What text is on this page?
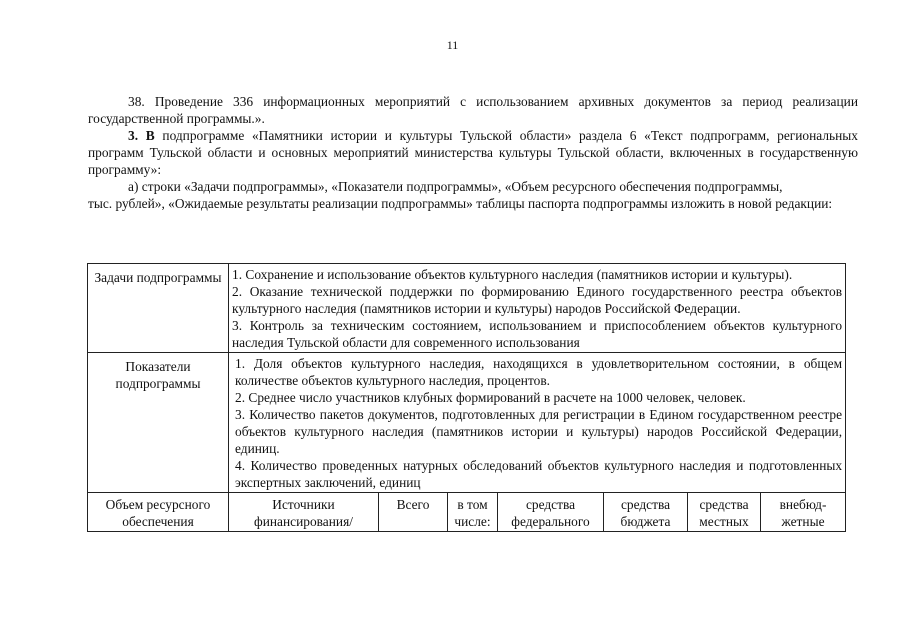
11

38. Проведение 336 информационных мероприятий с использованием архивных документов за период реализации государственной программы.».

3. В подпрограмме «Памятники истории и культуры Тульской области» раздела 6 «Текст подпрограмм, региональных программ Тульской области и основных мероприятий министерства культуры Тульской области, включенных в государственную программу»:

а) строки «Задачи подпрограммы», «Показатели подпрограммы», «Объем ресурсного обеспечения подпрограммы,

тыс. рублей», «Ожидаемые результаты реализации подпрограммы» таблицы паспорта подпрограммы изложить в новой редакции:

Задачи подпрограммы	1. Сохранение и использование объектов культурного наследия (памятников истории и культуры).

2. Оказание технической поддержки по формированию Единого государственного реестра объектов культурного наследия (памятников истории и культуры) народов Российской Федерации.

3. Контроль за техническим состоянием, использованием и приспособлением объектов культурного наследия Тульской области для современного использования						

Показатели подпрограммы	1. Доля объектов культурного наследия, находящихся в удовлетворительном состоянии, в общем количестве объектов культурного наследия, процентов.

2. Среднее число участников клубных формирований в расчете на 1000 человек, человек.

3. Количество пакетов документов, подготовленных для регистрации в Едином государственном реестре объектов культурного наследия (памятников истории и культуры) народов Российской Федерации, единиц.

4. Количество проведенных натурных обследований объектов культурного наследия и подготовленных экспертных заключений, единиц						

Объем ресурсного обеспечения	Источники финансирования/	Всего	в том числе:	средства федерального	средства бюджета	средства местных	внебюд-жетные
